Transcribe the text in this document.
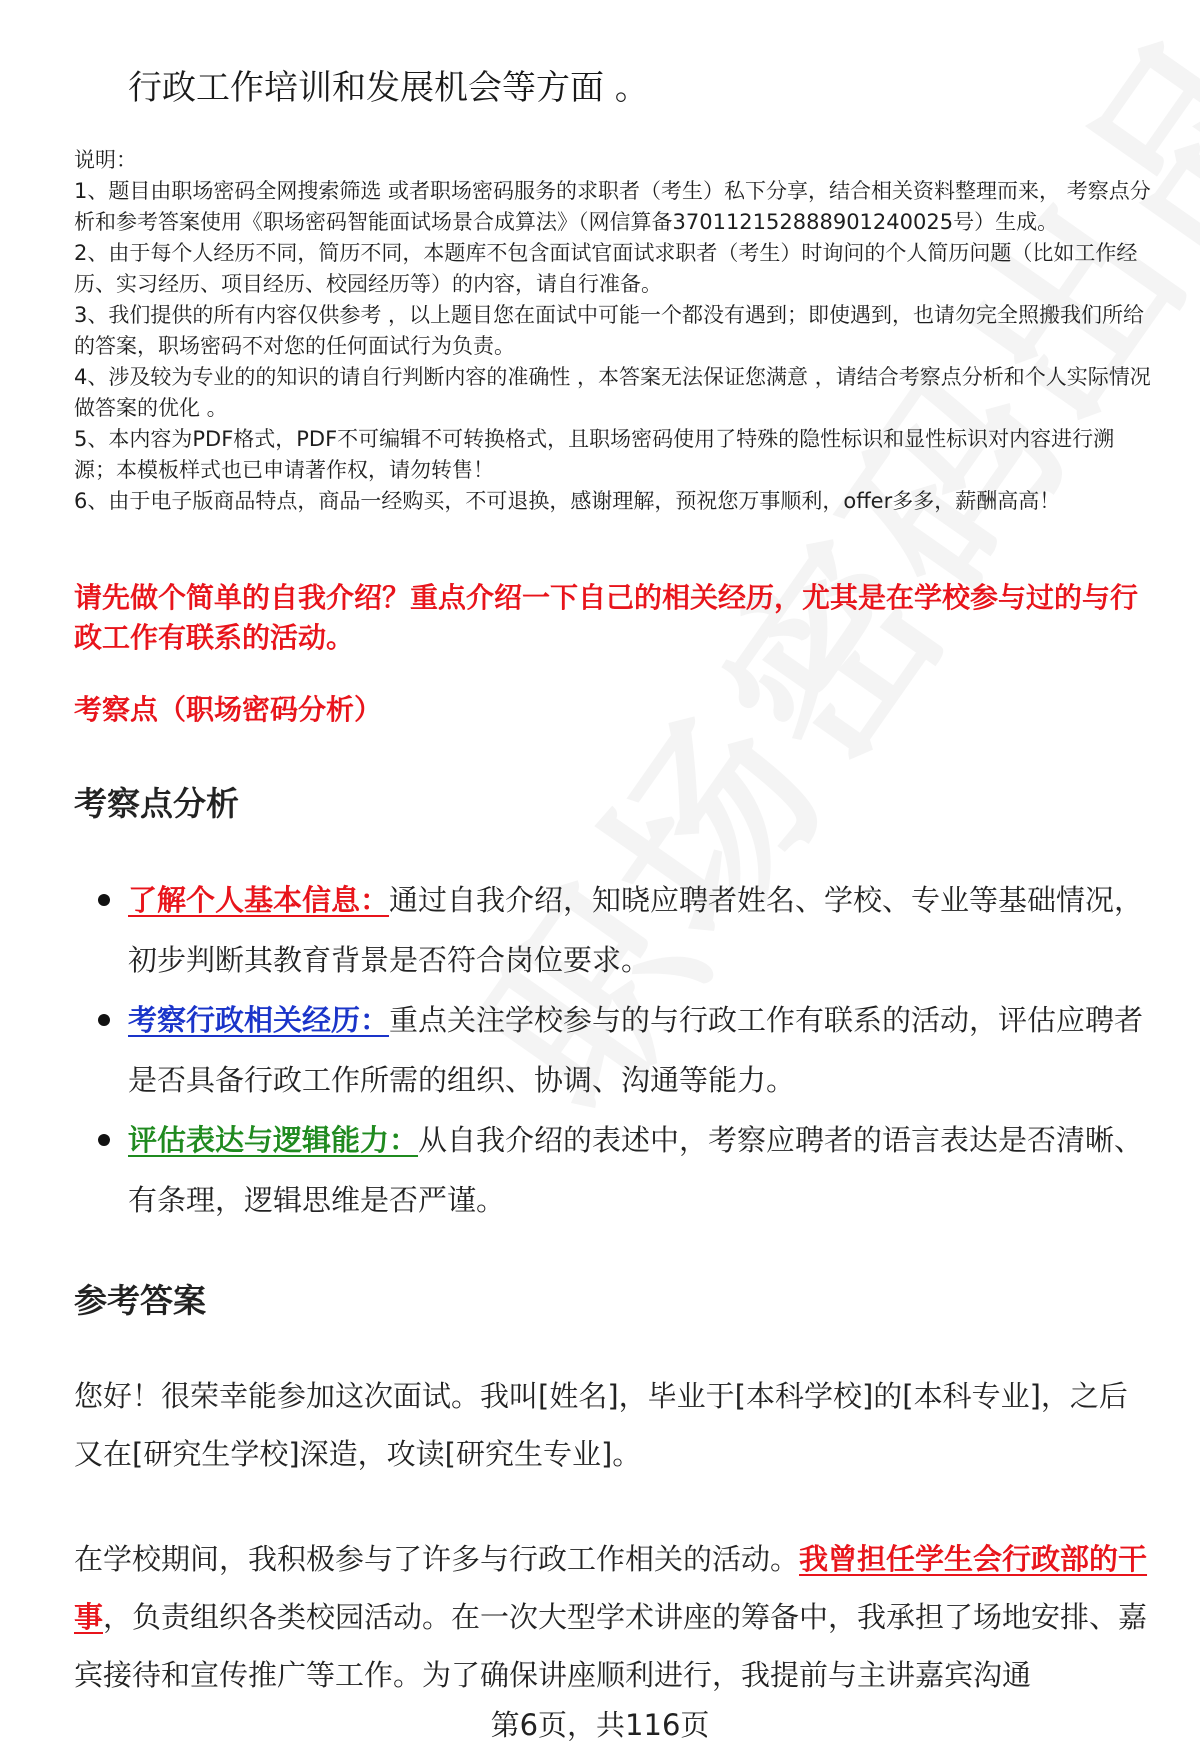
行政工作培训和发展机会等方面 。

说明：

1、题目由职场密码全网搜索筛选 或者职场密码服务的求职者（考生）私下分享，结合相关资料整理而来， 考察点分析和参考答案使用《职场密码智能面试场景合成算法》（网信算备370112152888901240025号）生成。

2、由于每个人经历不同，简历不同，本题库不包含面试官面试求职者（考生）时询问的个人简历问题（比如工作经历、实习经历、项目经历、校园经历等）的内容，请自行准备。

3、我们提供的所有内容仅供参考 ，以上题目您在面试中可能一个都没有遇到；即使遇到，也请勿完全照搬我们所给的答案，职场密码不对您的任何面试行为负责。

4、涉及较为专业的的知识的请自行判断内容的准确性 ，本答案无法保证您满意 ，请结合考察点分析和个人实际情况做答案的优化 。

5、本内容为PDF格式，PDF不可编辑不可转换格式，且职场密码使用了特殊的隐性标识和显性标识对内容进行溯源；本模板样式也已申请著作权，请勿转售！

6、由于电子版商品特点，商品一经购买，不可退换，感谢理解，预祝您万事顺利，offer多多，薪酬高高！

请先做个简单的自我介绍？重点介绍一下自己的相关经历，尤其是在学校参与过的与行政工作有联系的活动。
考察点（职场密码分析）
考察点分析
了解个人基本信息：通过自我介绍，知晓应聘者姓名、学校、专业等基础情况，初步判断其教育背景是否符合岗位要求。
考察行政相关经历：重点关注学校参与的与行政工作有联系的活动，评估应聘者是否具备行政工作所需的组织、协调、沟通等能力。
评估表达与逻辑能力：从自我介绍的表述中，考察应聘者的语言表达是否清晰、有条理，逻辑思维是否严谨。
参考答案

您好！很荣幸能参加这次面试。我叫[姓名]，毕业于[本科学校]的[本科专业]，之后又在[研究生学校]深造，攻读[研究生专业]。

在学校期间，我积极参与了许多与行政工作相关的活动。我曾担任学生会行政部的干事，负责组织各类校园活动。在一次大型学术讲座的筹备中，我承担了场地安排、嘉宾接待和宣传推广等工作。为了确保讲座顺利进行，我提前与主讲嘉宾沟通

第6页，共116页
